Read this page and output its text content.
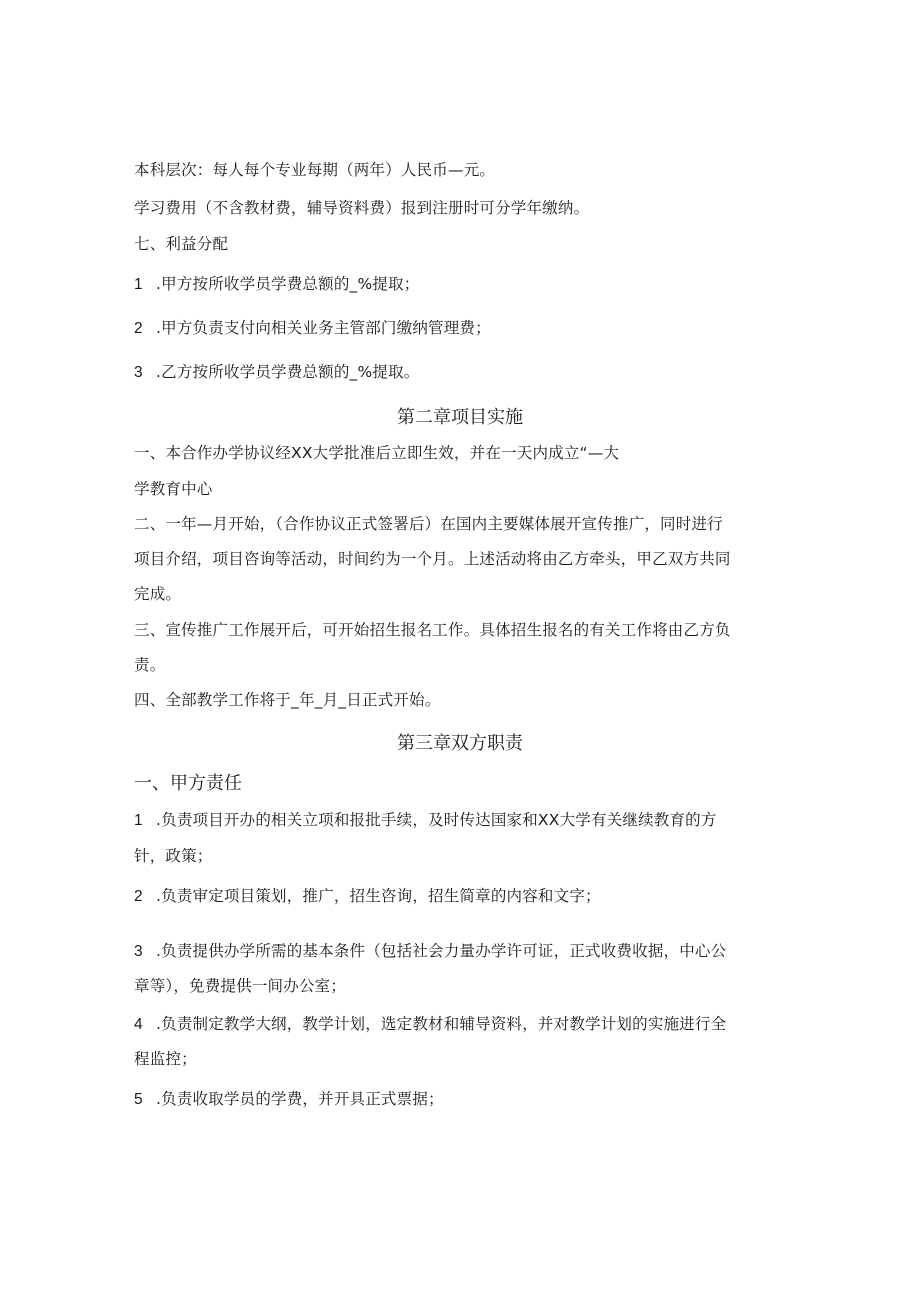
本科层次：每人每个专业每期（两年）人民币—元。
学习费用（不含教材费，辅导资料费）报到注册时可分学年缴纳。
七、利益分配
1 .甲方按所收学员学费总额的_%提取；
2 .甲方负责支付向相关业务主管部门缴纳管理费；
3 .乙方按所收学员学费总额的_%提取。
第二章项目实施
一、本合作办学协议经XX大学批准后立即生效，并在一天内成立“—大
学教育中心
二、一年—月开始，（合作协议正式签署后）在国内主要媒体展开宣传推广，同时进行
项目介绍，项目咨询等活动，时间约为一个月。上述活动将由乙方牵头，甲乙双方共同
完成。
三、宣传推广工作展开后，可开始招生报名工作。具体招生报名的有关工作将由乙方负
责。
四、全部教学工作将于_年_月_日正式开始。
第三章双方职责
一、甲方责任
1 .负责项目开办的相关立项和报批手续，及时传达国家和XX大学有关继续教育的方
针，政策；
2 .负责审定项目策划，推广，招生咨询，招生简章的内容和文字；
3 .负责提供办学所需的基本条件（包括社会力量办学许可证，正式收费收据，中心公
章等），免费提供一间办公室；
4 .负责制定教学大纲，教学计划，选定教材和辅导资料，并对教学计划的实施进行全
程监控；
5 .负责收取学员的学费，并开具正式票据；
